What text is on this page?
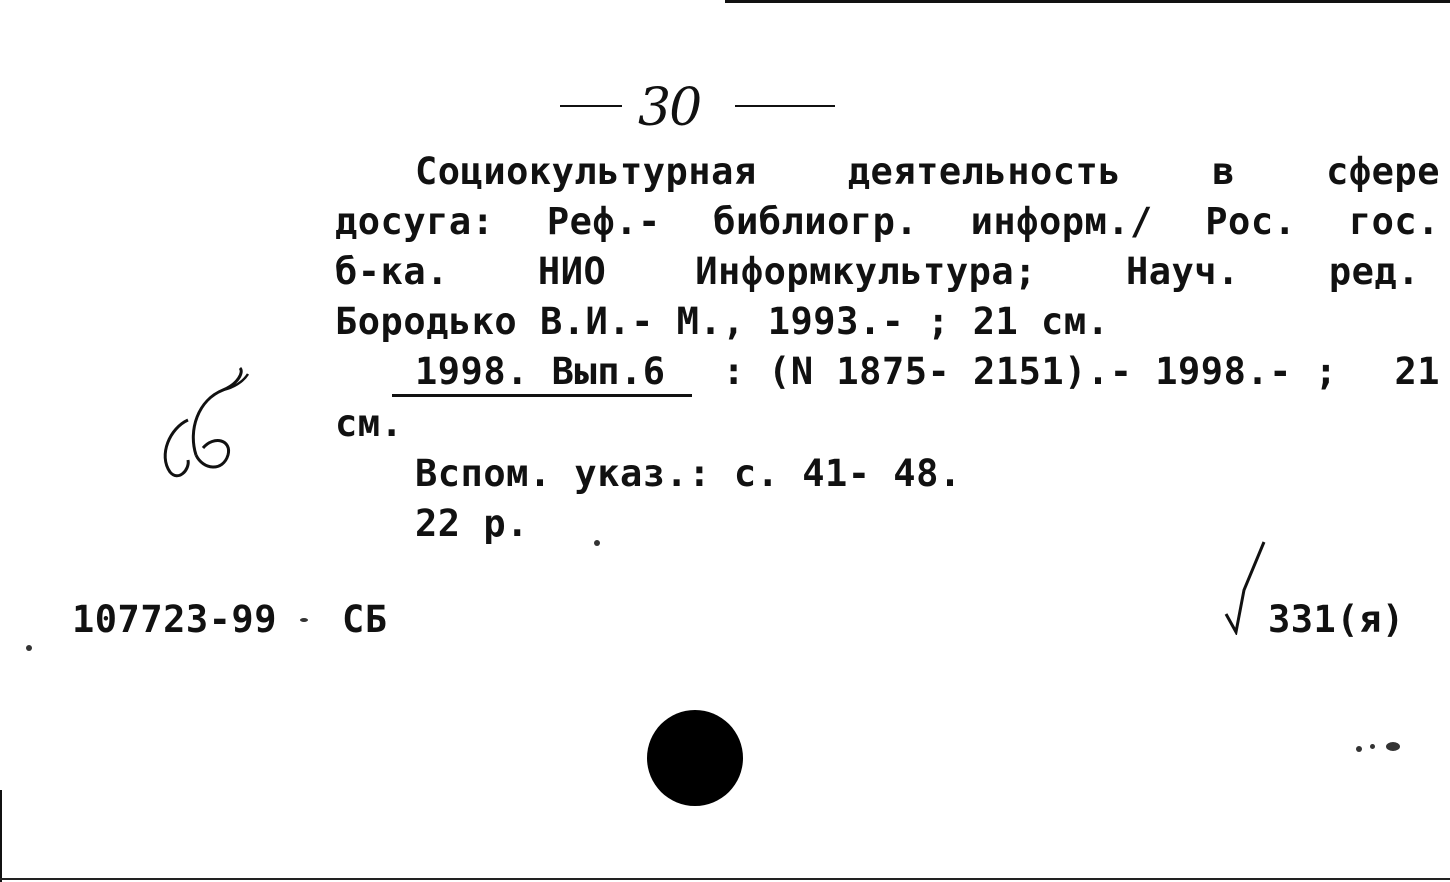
30
Социокультурная деятельность в сфере
досуга: Реф.- библиогр. информ./ Рос. гос.
б-ка. НИО Информкультура; Науч. ред.
Бородько В.И.- М., 1993.- ; 21 см.
1998. Вып.6 : (N 1875- 2151).- 1998.- ; 21
см.
Вспом. указ.: с. 41- 48.
22 р.
107723-99 СБ	331(я)
